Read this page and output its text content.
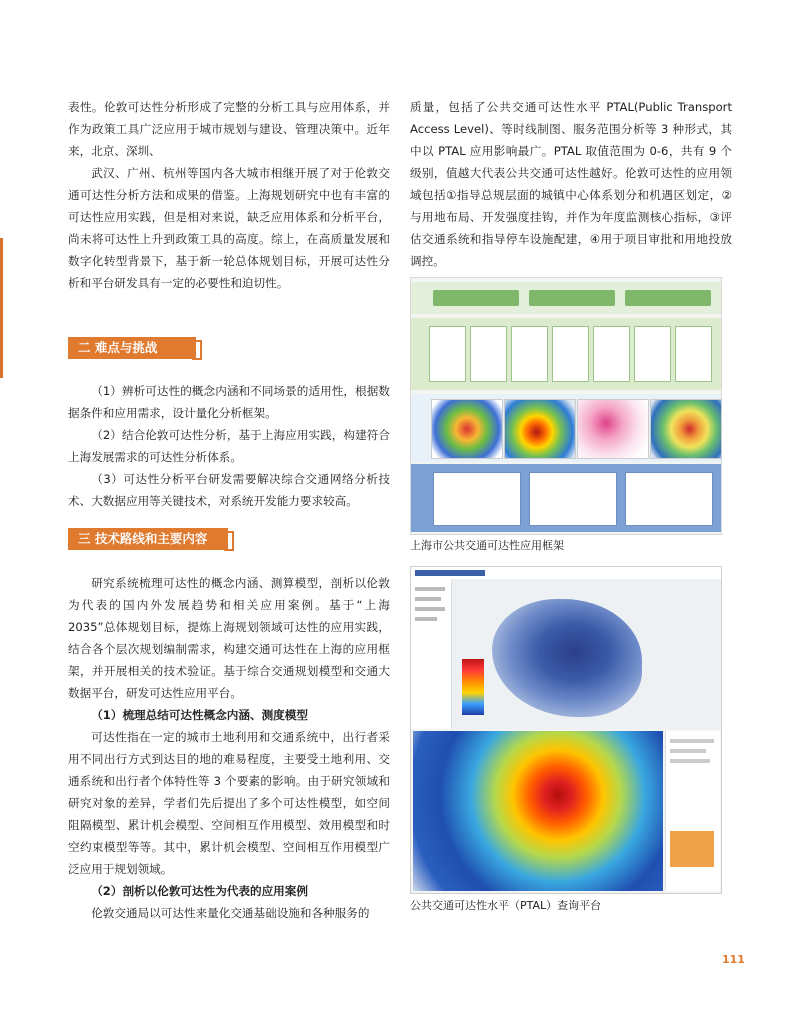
表性。伦敦可达性分析形成了完整的分析工具与应用体系，并作为政策工具广泛应用于城市规划与建设、管理决策中。近年来，北京、深圳、

武汉、广州、杭州等国内各大城市相继开展了对于伦敦交通可达性分析方法和成果的借鉴。上海规划研究中也有丰富的可达性应用实践，但是相对来说，缺乏应用体系和分析平台，尚未将可达性上升到政策工具的高度。综上，在高质量发展和数字化转型背景下，基于新一轮总体规划目标，开展可达性分析和平台研发具有一定的必要性和迫切性。

二 难点与挑战

（1）辨析可达性的概念内涵和不同场景的适用性，根据数据条件和应用需求，设计量化分析框架。

（2）结合伦敦可达性分析，基于上海应用实践，构建符合上海发展需求的可达性分析体系。

（3）可达性分析平台研发需要解决综合交通网络分析技术、大数据应用等关键技术，对系统开发能力要求较高。

三 技术路线和主要内容

研究系统梳理可达性的概念内涵、测算模型，剖析以伦敦为代表的国内外发展趋势和相关应用案例。基于“上海 2035”总体规划目标，提炼上海规划领域可达性的应用实践，结合各个层次规划编制需求，构建交通可达性在上海的应用框架，并开展相关的技术验证。基于综合交通规划模型和交通大数据平台，研发可达性应用平台。

（1）梳理总结可达性概念内涵、测度模型

可达性指在一定的城市土地利用和交通系统中，出行者采用不同出行方式到达目的地的难易程度，主要受土地利用、交通系统和出行者个体特性等 3 个要素的影响。由于研究领域和研究对象的差异，学者们先后提出了多个可达性模型，如空间阻隔模型、累计机会模型、空间相互作用模型、效用模型和时空约束模型等等。其中，累计机会模型、空间相互作用模型广泛应用于规划领域。

（2）剖析以伦敦可达性为代表的应用案例

伦敦交通局以可达性来量化交通基础设施和各种服务的

质量，包括了公共交通可达性水平 PTAL(Public Transport Access Level)、等时线制图、服务范围分析等 3 种形式，其中以 PTAL 应用影响最广。PTAL 取值范围为 0-6，共有 9 个级别，值越大代表公共交通可达性越好。伦敦可达性的应用领域包括①指导总规层面的城镇中心体系划分和机遇区划定，②与用地布局、开发强度挂钩，并作为年度监测核心指标，③评估交通系统和指导停车设施配建，④用于项目审批和用地投放调控。

上海市公共交通可达性应用框架
公共交通可达性水平（PTAL）查询平台
111
